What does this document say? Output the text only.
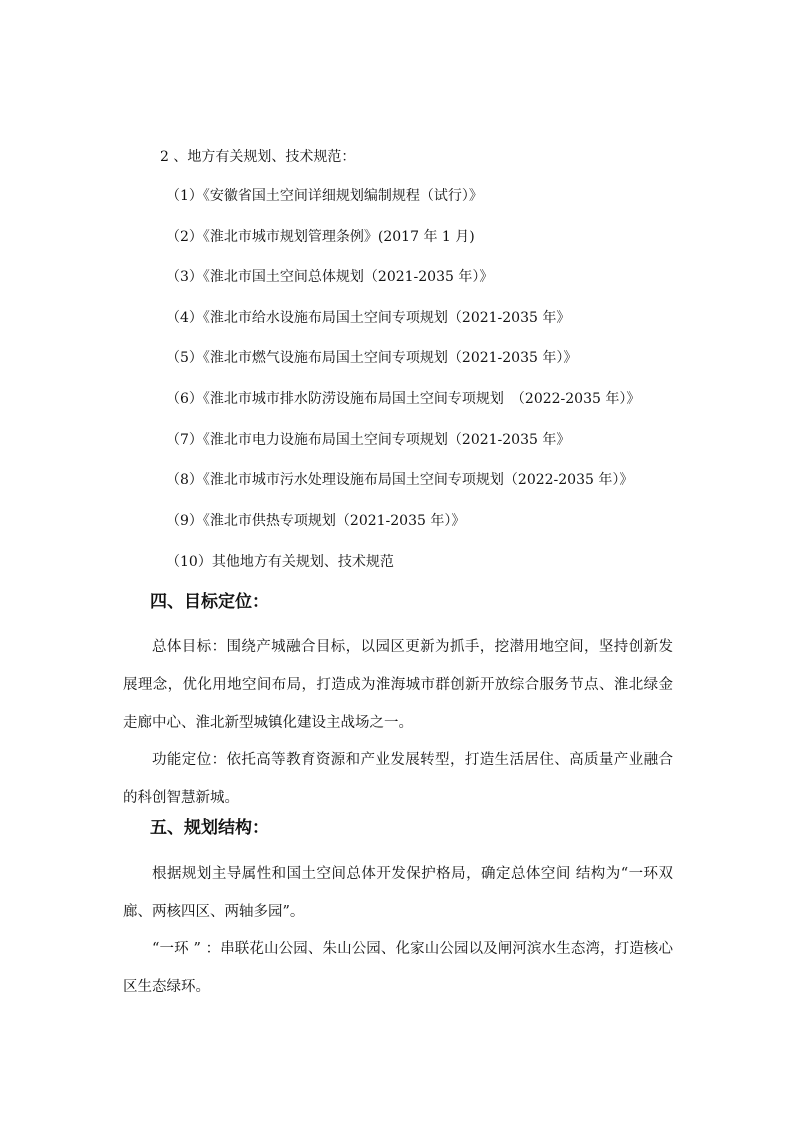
2 、地方有关规划、技术规范：
（1）《安徽省国土空间详细规划编制规程（试行）》
（2）《淮北市城市规划管理条例》(2017 年 1 月)
（3）《淮北市国土空间总体规划（2021-2035 年）》
（4）《淮北市给水设施布局国土空间专项规划（2021-2035 年》
（5）《淮北市燃气设施布局国土空间专项规划（2021-2035 年）》
（6）《淮北市城市排水防涝设施布局国土空间专项规划　（2022-2035 年）》
（7）《淮北市电力设施布局国土空间专项规划（2021-2035 年》
（8）《淮北市城市污水处理设施布局国土空间专项规划（2022-2035 年）》
（9）《淮北市供热专项规划（2021-2035 年）》
（10）其他地方有关规划、技术规范
四、目标定位：
总体目标：围绕产城融合目标，以园区更新为抓手，挖潜用地空间，坚持创新发展理念，优化用地空间布局，打造成为淮海城市群创新开放综合服务节点、淮北绿金走廊中心、淮北新型城镇化建设主战场之一。
功能定位：依托高等教育资源和产业发展转型，打造生活居住、高质量产业融合的科创智慧新城。
五、规划结构：
根据规划主导属性和国土空间总体开发保护格局，确定总体空间 结构为“一环双廊、两核四区、两轴多园”。
“一环 ” ：串联花山公园、朱山公园、化家山公园以及闸河滨水生态湾，打造核心区生态绿环。
